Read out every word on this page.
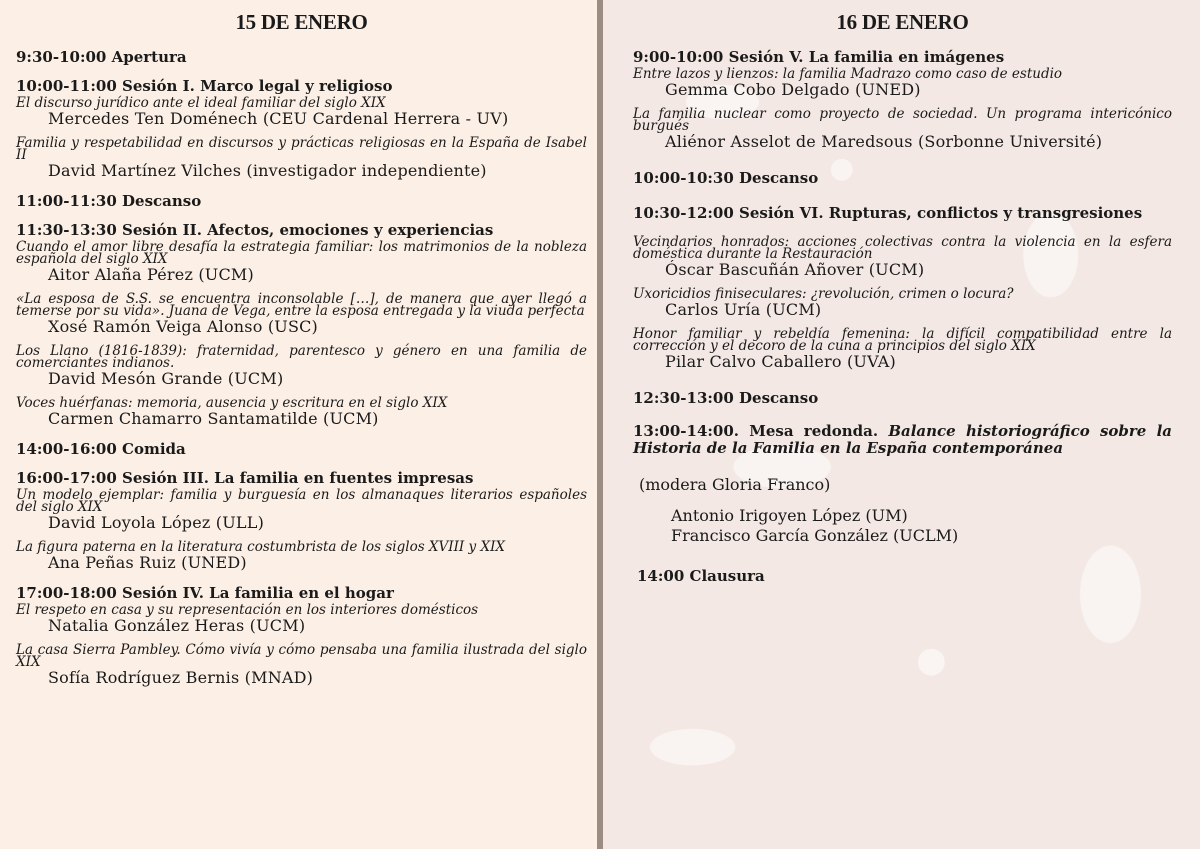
15 DE ENERO
9:30-10:00 Apertura
10:00-11:00 Sesión I. Marco legal y religioso
El discurso jurídico ante el ideal familiar del siglo XIX
Mercedes Ten Doménech (CEU Cardenal Herrera - UV)
Familia y respetabilidad en discursos y prácticas religiosas en la España de Isabel II
David Martínez Vilches (investigador independiente)
11:00-11:30 Descanso
11:30-13:30 Sesión II. Afectos, emociones y experiencias
Cuando el amor libre desafía la estrategia familiar: los matrimonios de la nobleza española del siglo XIX
Aitor Alaña Pérez (UCM)
«La esposa de S.S. se encuentra inconsolable […], de manera que ayer llegó a temerse por su vida». Juana de Vega, entre la esposa entregada y la viuda perfecta
Xosé Ramón Veiga Alonso (USC)
Los Llano (1816-1839): fraternidad, parentesco y género en una familia de comerciantes indianos.
David Mesón Grande (UCM)
Voces huérfanas: memoria, ausencia y escritura en el siglo XIX
Carmen Chamarro Santamatilde (UCM)
14:00-16:00 Comida
16:00-17:00 Sesión III. La familia en fuentes impresas
Un modelo ejemplar: familia y burguesía en los almanaques literarios españoles del siglo XIX
David Loyola López (ULL)
La figura paterna en la literatura costumbrista de los siglos XVIII y XIX
Ana Peñas Ruiz (UNED)
17:00-18:00 Sesión IV. La familia en el hogar
El respeto en casa y su representación en los interiores domésticos
Natalia González Heras (UCM)
La casa Sierra Pambley. Cómo vivía y cómo pensaba una familia ilustrada del siglo XIX
Sofía Rodríguez Bernis (MNAD)
16 DE ENERO
9:00-10:00 Sesión V. La familia en imágenes
Entre lazos y lienzos: la familia Madrazo como caso de estudio
Gemma Cobo Delgado (UNED)
La familia nuclear como proyecto de sociedad. Un programa intericónico burgués
Aliénor Asselot de Maredsous (Sorbonne Université)
10:00-10:30 Descanso
10:30-12:00 Sesión VI. Rupturas, conflictos y transgresiones
Vecindarios honrados: acciones colectivas contra la violencia en la esfera doméstica durante la Restauración
Óscar Bascuñán Añover (UCM)
Uxoricidios finiseculares: ¿revolución, crimen o locura?
Carlos Uría (UCM)
Honor familiar y rebeldía femenina: la difícil compatibilidad entre la corrección y el decoro de la cuna a principios del siglo XIX
Pilar Calvo Caballero (UVA)
12:30-13:00 Descanso
13:00-14:00. Mesa redonda. Balance historiográfico sobre la Historia de la Familia en la España contemporánea
(modera Gloria Franco)
Antonio Irigoyen López (UM)
Francisco García González (UCLM)
14:00 Clausura
